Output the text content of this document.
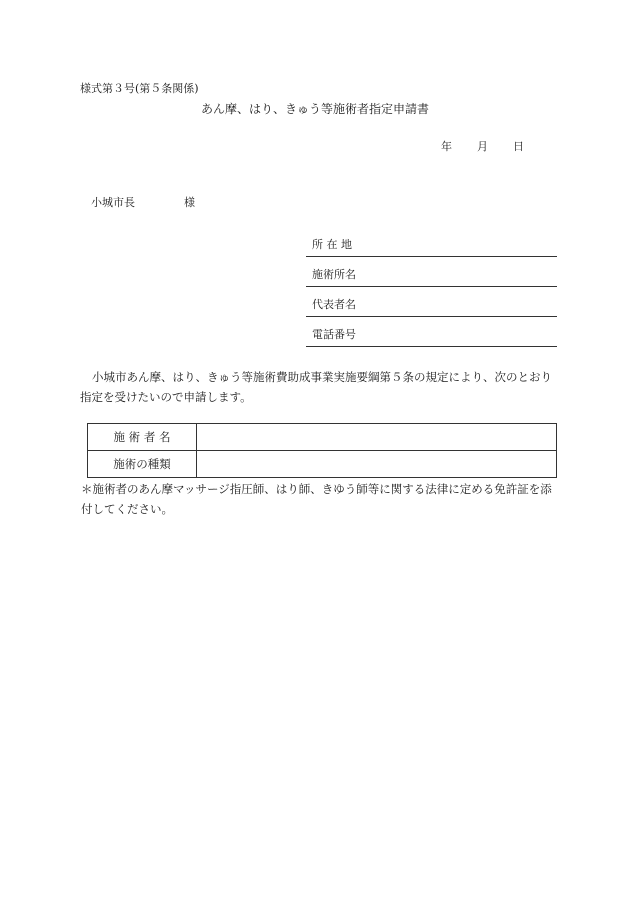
様式第３号(第５条関係)
あん摩、はり、きゅう等施術者指定申請書
年 月 日
小城市長	様
所 在 地
施術所名
代表者名
電話番号
小城市あん摩、はり、きゅう等施術費助成事業実施要綱第５条の規定により、次のとおり指定を受けたいので申請します。
施 術 者 名	
施術の種類	
＊施術者のあん摩マッサージ指圧師、はり師、きゆう師等に関する法律に定める免許証を添付してください。
